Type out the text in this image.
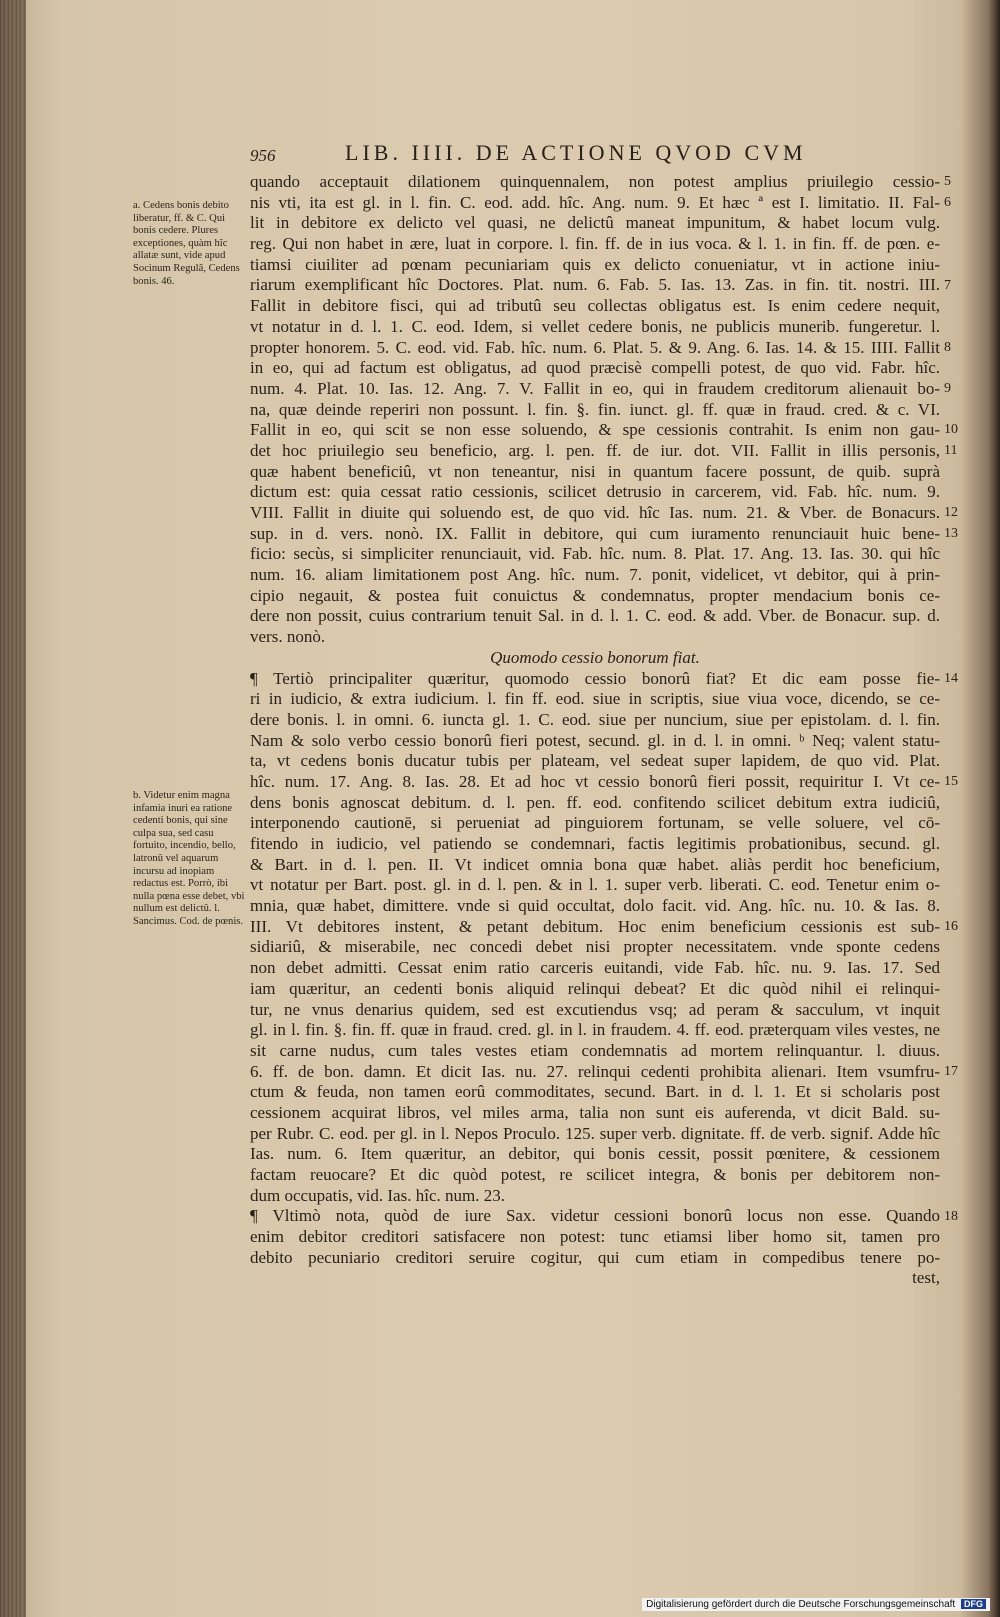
956	LIB. IIII. DE ACTIONE QVOD CVM
a. Cedens bonis debito liberatur, ff. & C. Qui bonis cedere. Plures exceptiones, quàm hîc allatæ sunt, vide apud Socinum Regulâ, Cedens bonis. 46.
b. Videtur enim magna infamia inuri ea ratione cedenti bonis, qui sine culpa sua, sed casu fortuito, incendio, bello, latronû vel aquarum incursu ad inopiam redactus est. Porrò, ibi nulla pœna esse debet, vbi nullum est delictû. l. Sancimus. Cod. de pœnis.
quando acceptauit dilationem quinquennalem, non potest amplius priuilegio cessio-
nis vti, ita est gl. in l. fin. C. eod. add. hîc. Ang. num. 9. Et hæc ª est I. limitatio. II. Fal-
lit in debitore ex delicto vel quasi, ne delictû maneat impunitum, & habet locum vulg.
reg. Qui non habet in ære, luat in corpore. l. fin. ff. de in ius voca. & l. 1. in fin. ff. de pœn. e-
tiamsi ciuiliter ad pœnam pecuniariam quis ex delicto conueniatur, vt in actione iniu-
riarum exemplificant hîc Doctores. Plat. num. 6. Fab. 5. Ias. 13. Zas. in fin. tit. nostri. III.
Fallit in debitore fisci, qui ad tributû seu collectas obligatus est. Is enim cedere nequit,
vt notatur in d. l. 1. C. eod. Idem, si vellet cedere bonis, ne publicis munerib. fungeretur. l.
propter honorem. 5. C. eod. vid. Fab. hîc. num. 6. Plat. 5. & 9. Ang. 6. Ias. 14. & 15. IIII. Fallit
in eo, qui ad factum est obligatus, ad quod præcisè compelli potest, de quo vid. Fabr. hîc.
num. 4. Plat. 10. Ias. 12. Ang. 7. V. Fallit in eo, qui in fraudem creditorum alienauit bo-
na, quæ deinde reperiri non possunt. l. fin. §. fin. iunct. gl. ff. quæ in fraud. cred. & c. VI.
Fallit in eo, qui scit se non esse soluendo, & spe cessionis contrahit. Is enim non gau-
det hoc priuilegio seu beneficio, arg. l. pen. ff. de iur. dot. VII. Fallit in illis personis,
quæ habent beneficiû, vt non teneantur, nisi in quantum facere possunt, de quib. suprà
dictum est: quia cessat ratio cessionis, scilicet detrusio in carcerem, vid. Fab. hîc. num. 9.
VIII. Fallit in diuite qui soluendo est, de quo vid. hîc Ias. num. 21. & Vber. de Bonacurs.
sup. in d. vers. nonò. IX. Fallit in debitore, qui cum iuramento renunciauit huic bene-
ficio: secùs, si simpliciter renunciauit, vid. Fab. hîc. num. 8. Plat. 17. Ang. 13. Ias. 30. qui hîc
num. 16. aliam limitationem post Ang. hîc. num. 7. ponit, videlicet, vt debitor, qui à prin-
cipio negauit, & postea fuit conuictus & condemnatus, propter mendacium bonis ce-
dere non possit, cuius contrarium tenuit Sal. in d. l. 1. C. eod. & add. Vber. de Bonacur. sup. d.
vers. nonò.
Quomodo cessio bonorum fiat.
¶ Tertiò principaliter quæritur, quomodo cessio bonorû fiat? Et dic eam posse fie-
ri in iudicio, & extra iudicium. l. fin ff. eod. siue in scriptis, siue viua voce, dicendo, se ce-
dere bonis. l. in omni. 6. iuncta gl. 1. C. eod. siue per nuncium, siue per epistolam. d. l. fin.
Nam & solo verbo cessio bonorû fieri potest, secund. gl. in d. l. in omni. ᵇ Neq; valent statu-
ta, vt cedens bonis ducatur tubis per plateam, vel sedeat super lapidem, de quo vid. Plat.
hîc. num. 17. Ang. 8. Ias. 28. Et ad hoc vt cessio bonorû fieri possit, requiritur I. Vt ce-
dens bonis agnoscat debitum. d. l. pen. ff. eod. confitendo scilicet debitum extra iudiciû,
interponendo cautionē, si perueniat ad pinguiorem fortunam, se velle soluere, vel cō-
fitendo in iudicio, vel patiendo se condemnari, factis legitimis probationibus, secund. gl.
& Bart. in d. l. pen. II. Vt indicet omnia bona quæ habet. aliàs perdit hoc beneficium,
vt notatur per Bart. post. gl. in d. l. pen. & in l. 1. super verb. liberati. C. eod. Tenetur enim o-
mnia, quæ habet, dimittere. vnde si quid occultat, dolo facit. vid. Ang. hîc. nu. 10. & Ias. 8.
III. Vt debitores instent, & petant debitum. Hoc enim beneficium cessionis est sub-
sidiariû, & miserabile, nec concedi debet nisi propter necessitatem. vnde sponte cedens
non debet admitti. Cessat enim ratio carceris euitandi, vide Fab. hîc. nu. 9. Ias. 17. Sed
iam quæritur, an cedenti bonis aliquid relinqui debeat? Et dic quòd nihil ei relinqui-
tur, ne vnus denarius quidem, sed est excutiendus vsq; ad peram & sacculum, vt inquit
gl. in l. fin. §. fin. ff. quæ in fraud. cred. gl. in l. in fraudem. 4. ff. eod. præterquam viles vestes, ne
sit carne nudus, cum tales vestes etiam condemnatis ad mortem relinquantur. l. diuus.
6. ff. de bon. damn. Et dicit Ias. nu. 27. relinqui cedenti prohibita alienari. Item vsumfru-
ctum & feuda, non tamen eorû commoditates, secund. Bart. in d. l. 1. Et si scholaris post
cessionem acquirat libros, vel miles arma, talia non sunt eis auferenda, vt dicit Bald. su-
per Rubr. C. eod. per gl. in l. Nepos Proculo. 125. super verb. dignitate. ff. de verb. signif. Adde hîc
Ias. num. 6. Item quæritur, an debitor, qui bonis cessit, possit pœnitere, & cessionem
factam reuocare? Et dic quòd potest, re scilicet integra, & bonis per debitorem non-
dum occupatis, vid. Ias. hîc. num. 23.
¶ Vltimò nota, quòd de iure Sax. videtur cessioni bonorû locus non esse. Quando
enim debitor creditori satisfacere non potest: tunc etiamsi liber homo sit, tamen pro
debito pecuniario creditori seruire cogitur, qui cum etiam in compedibus tenere po-
test,
5
6
7
8
9
10
11
12
13
14
15
16
17
18
Digitalisierung gefördert durch die Deutsche Forschungsgemeinschaft DFG
